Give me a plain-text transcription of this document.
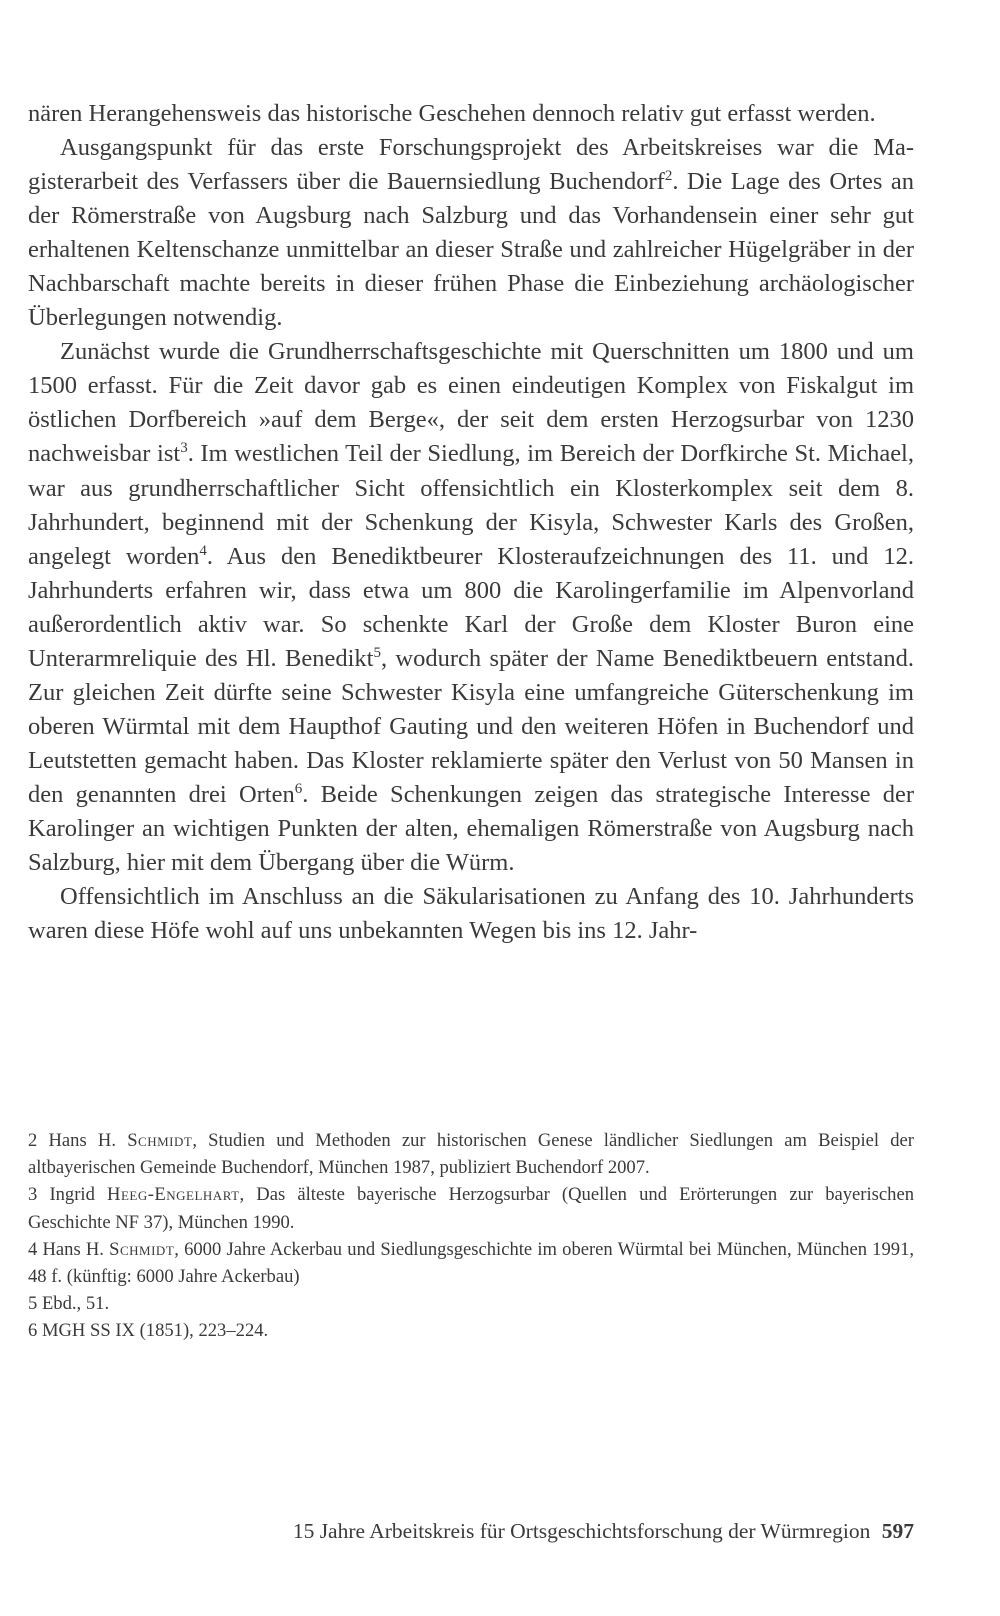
nären Herangehensweis das historische Geschehen dennoch relativ gut erfasst werden.

Ausgangspunkt für das erste Forschungsprojekt des Arbeitskreises war die Magisterarbeit des Verfassers über die Bauernsiedlung Buchendorf$^2$. Die Lage des Ortes an der Römerstraße von Augsburg nach Salzburg und das Vorhandensein einer sehr gut erhaltenen Keltenschanze unmittelbar an dieser Straße und zahlreicher Hügelgräber in der Nachbarschaft machte bereits in dieser frühen Phase die Einbeziehung archäologischer Überlegungen notwendig.

Zunächst wurde die Grundherrschaftsgeschichte mit Querschnitten um 1800 und um 1500 erfasst. Für die Zeit davor gab es einen eindeutigen Komplex von Fiskalgut im östlichen Dorfbereich »auf dem Berge«, der seit dem ersten Herzogsurbar von 1230 nachweisbar ist$^3$. Im westlichen Teil der Siedlung, im Bereich der Dorfkirche St. Michael, war aus grundherrschaftlicher Sicht offensichtlich ein Klosterkomplex seit dem 8. Jahrhundert, beginnend mit der Schenkung der Kisyla, Schwester Karls des Großen, angelegt worden$^4$. Aus den Benediktbeurer Klosteraufzeichnungen des 11. und 12. Jahrhunderts erfahren wir, dass etwa um 800 die Karolingerfamilie im Alpenvorland außerordentlich aktiv war. So schenkte Karl der Große dem Kloster Buron eine Unterarmreliquie des Hl. Benedikt$^5$, wodurch später der Name Benediktbeuern entstand. Zur gleichen Zeit dürfte seine Schwester Kisyla eine umfangreiche Güterschenkung im oberen Würmtal mit dem Haupthof Gauting und den weiteren Höfen in Buchendorf und Leutstetten gemacht haben. Das Kloster reklamierte später den Verlust von 50 Mansen in den genannten drei Orten$^6$. Beide Schenkungen zeigen das strategische Interesse der Karolinger an wichtigen Punkten der alten, ehemaligen Römerstraße von Augsburg nach Salzburg, hier mit dem Übergang über die Würm.

Offensichtlich im Anschluss an die Säkularisationen zu Anfang des 10. Jahrhunderts waren diese Höfe wohl auf uns unbekannten Wegen bis ins 12. Jahr-

2 Hans H. Schmidt, Studien und Methoden zur historischen Genese ländlicher Siedlungen am Beispiel der altbayerischen Gemeinde Buchendorf, München 1987, publiziert Buchendorf 2007.

3 Ingrid Heeg-Engelhart, Das älteste bayerische Herzogsurbar (Quellen und Erörterungen zur bayerischen Geschichte NF 37), München 1990.

4 Hans H. Schmidt, 6000 Jahre Ackerbau und Siedlungsgeschichte im oberen Würmtal bei München, München 1991, 48 f. (künftig: 6000 Jahre Ackerbau)

5 Ebd., 51.

6 MGH SS IX (1851), 223–224.

15 Jahre Arbeitskreis für Ortsgeschichtsforschung der Würmregion 597
